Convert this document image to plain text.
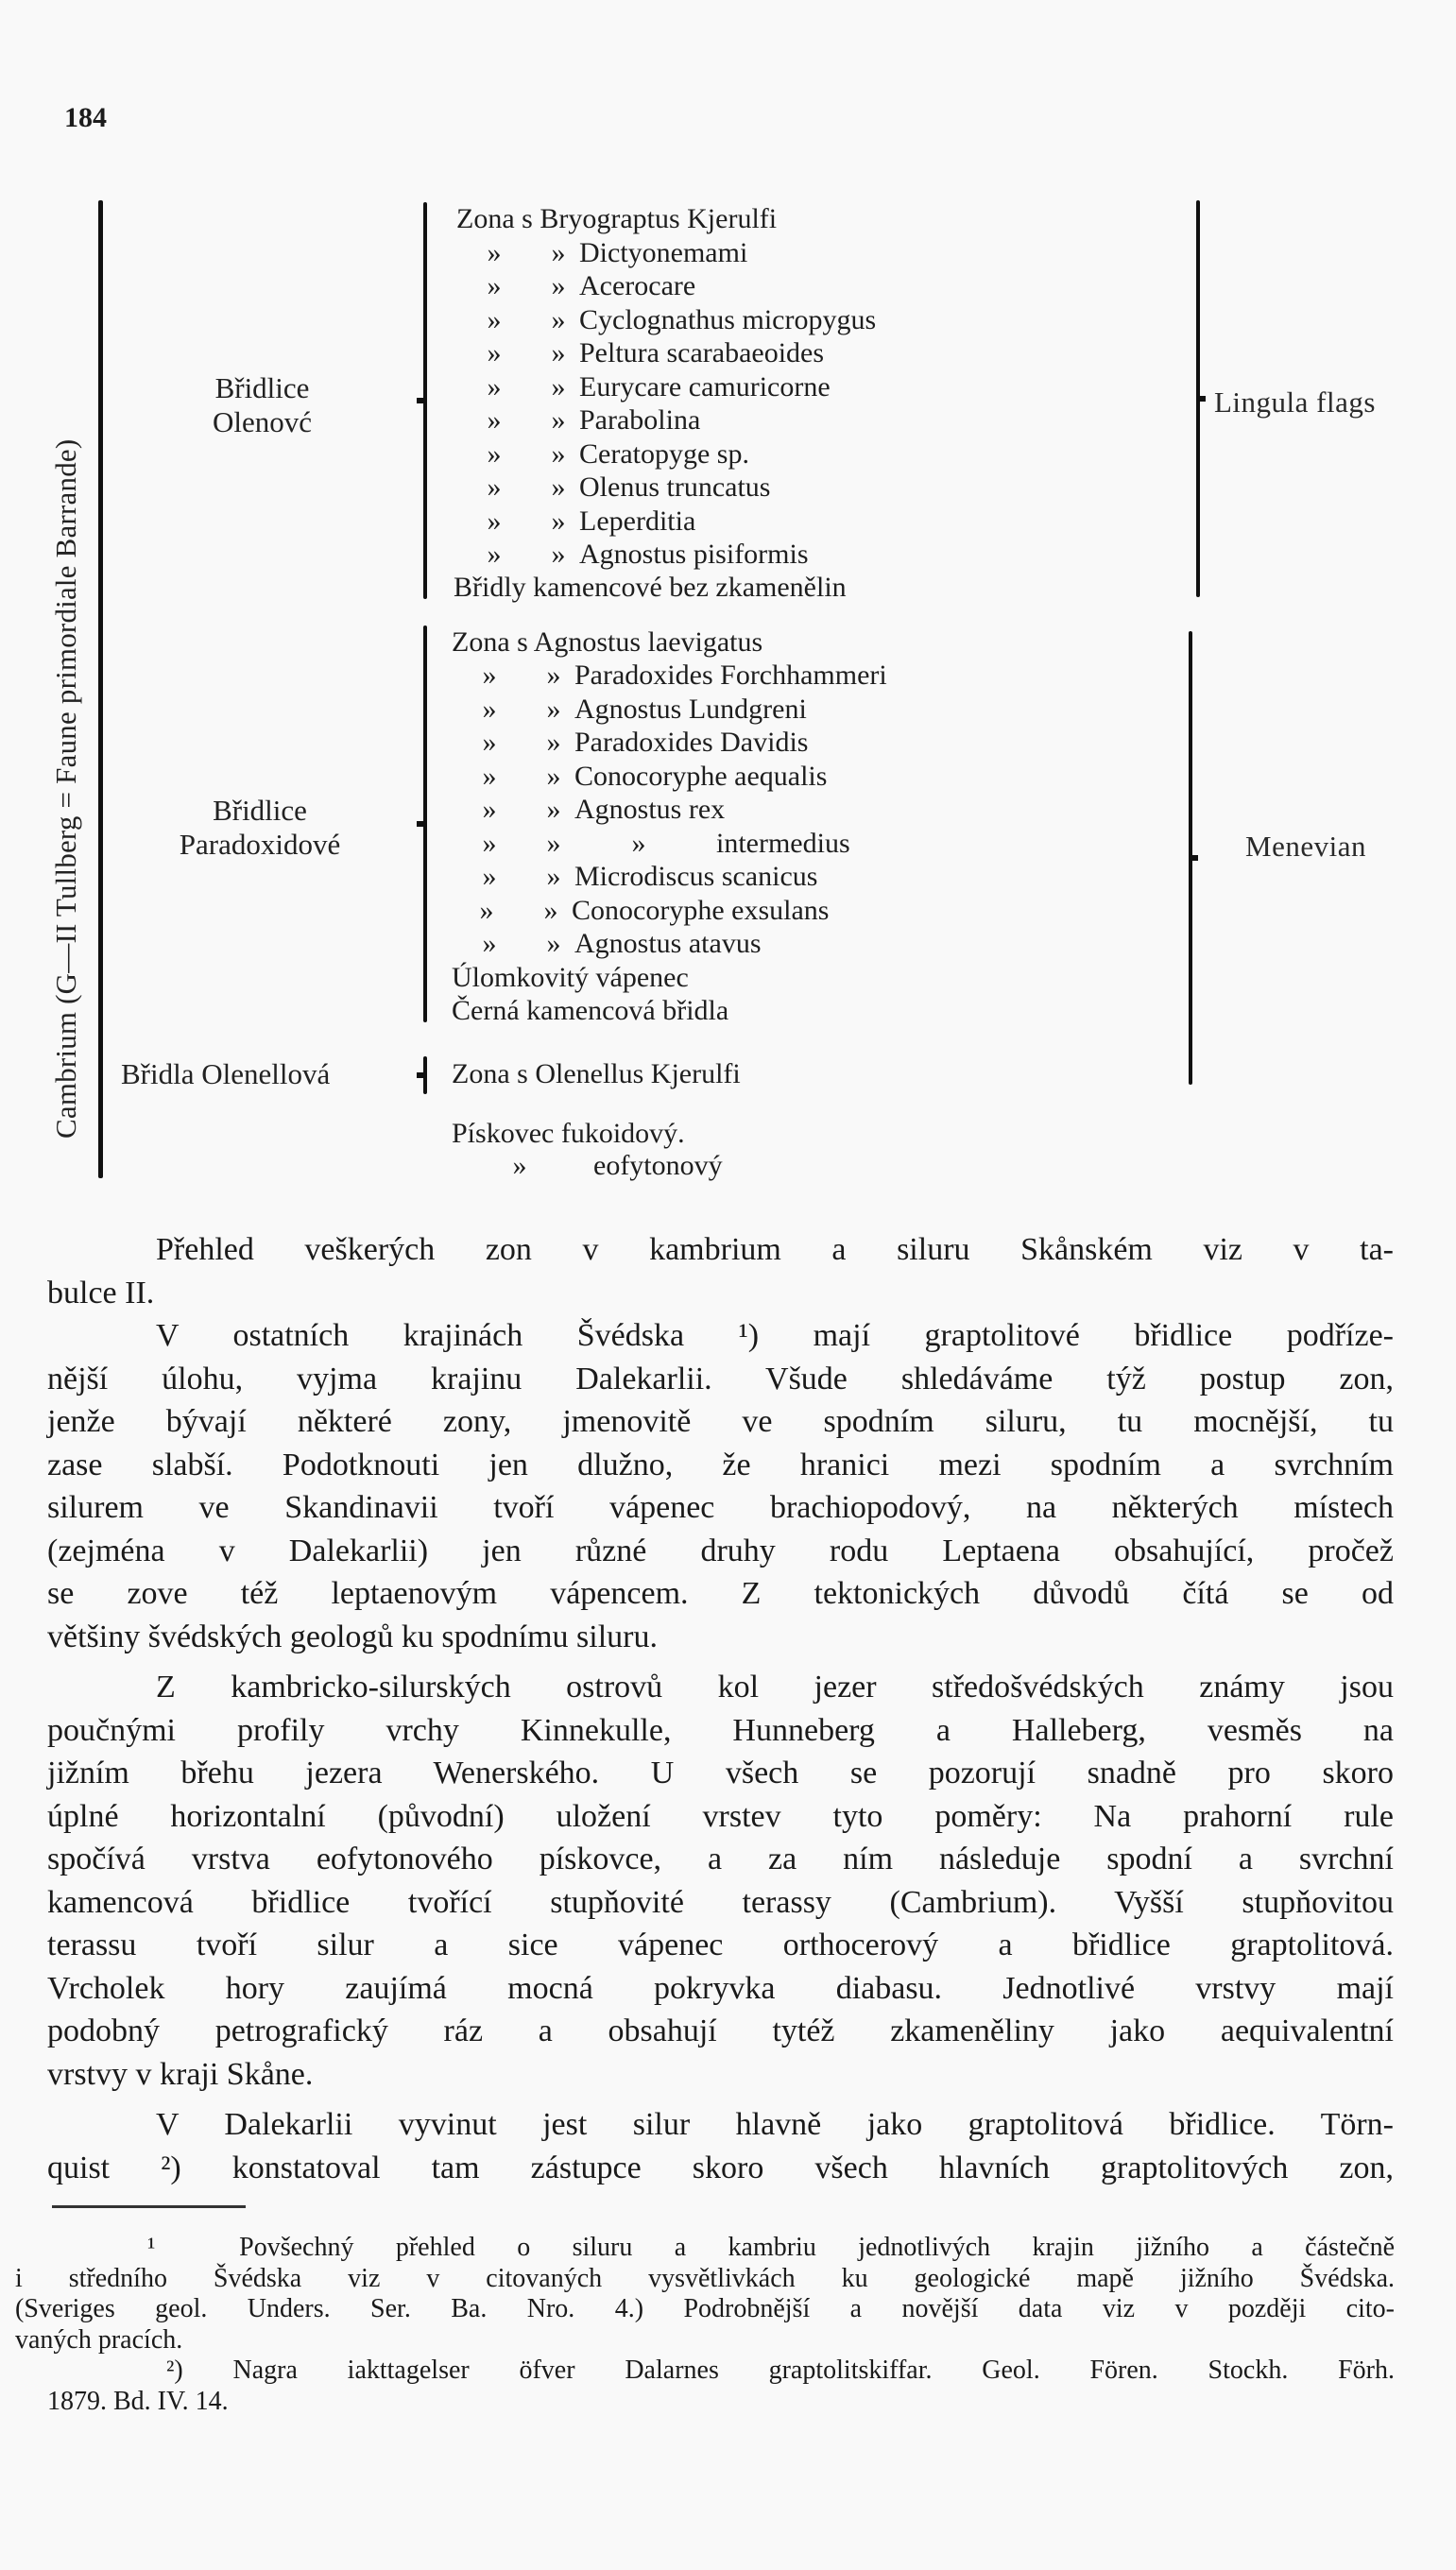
184
Cambrium (G—II Tullberg = Faune primordiale Barrande)
Břidlice
Olenovć
Břidlice
Paradoxidové
Břidla Olenellová
Lingula flags
Menevian
Zona s Bryograptus Kjerulfi
» » Dictyonemami
» » Acerocare
» » Cyclognathus micropygus
» » Peltura scarabaeoides
» » Eurycare camuricorne
» » Parabolina
» » Ceratopyge sp.
» » Olenus truncatus
» » Leperditia
» » Agnostus pisiformis
Břidly kamencové bez zkamenělin
Zona s Agnostus laevigatus
» » Paradoxides Forchhammeri
» » Agnostus Lundgreni
» » Paradoxides Davidis
» » Conocoryphe aequalis
» » Agnostus rex
» »	» intermedius
» » Microdiscus scanicus
» » Conocoryphe exsulans
» » Agnostus atavus
Úlomkovitý vápenec
Černá kamencová břidla
Zona s Olenellus Kjerulfi
Pískovec fukoidový.
» eofytonový

Přehled veškerých zon v kambrium a siluru Skånském viz v ta-
bulce II.

V ostatních krajinách Švédska ¹) mají graptolitové břidlice podříze-
nější úlohu, vyjma krajinu Dalekarlii. Všude shledáváme týž postup zon,
jenže bývají některé zony, jmenovitě ve spodním siluru, tu mocnější, tu
zase slabší. Podotknouti jen dlužno, že hranici mezi spodním a svrchním
silurem ve Skandinavii tvoří vápenec brachiopodový, na některých místech
(zejména v Dalekarlii) jen různé druhy rodu Leptaena obsahující, pročež
se zove též leptaenovým vápencem. Z tektonických důvodů čítá se od
většiny švédských geologů ku spodnímu siluru.

Z kambricko-silurských ostrovů kol jezer středošvédských známy jsou
poučnými profily vrchy Kinnekulle, Hunneberg a Halleberg, vesměs na
jižním břehu jezera Wenerského. U všech se pozorují snadně pro skoro
úplné horizontalní (původní) uložení vrstev tyto poměry: Na prahorní rule
spočívá vrstva eofytonového pískovce, a za ním následuje spodní a svrchní
kamencová břidlice tvořící stupňovité terassy (Cambrium). Vyšší stupňovitou
terassu tvoří silur a sice vápenec orthocerový a břidlice graptolitová.
Vrcholek hory zaujímá mocná pokryvka diabasu. Jednotlivé vrstvy mají
podobný petrografický ráz a obsahují tytéž zkameněliny jako aequivalentní
vrstvy v kraji Skåne.

V Dalekarlii vyvinut jest silur hlavně jako graptolitová břidlice. Törn-
quist ²) konstatoval tam zástupce skoro všech hlavních graptolitových zon,

¹	Povšechný přehled o siluru a kambriu jednotlivých krajin jižního a částečně
i středního Švédska viz v citovaných vysvětlivkách ku geologické mapě jižního Švédska.
(Sveriges geol. Unders. Ser. Ba. Nro. 4.) Podrobnější a novější data viz v později cito-
vaných pracích.
²) Nagra iakttagelser öfver Dalarnes graptolitskiffar. Geol. Fören. Stockh. Förh.
1879. Bd. IV. 14.
